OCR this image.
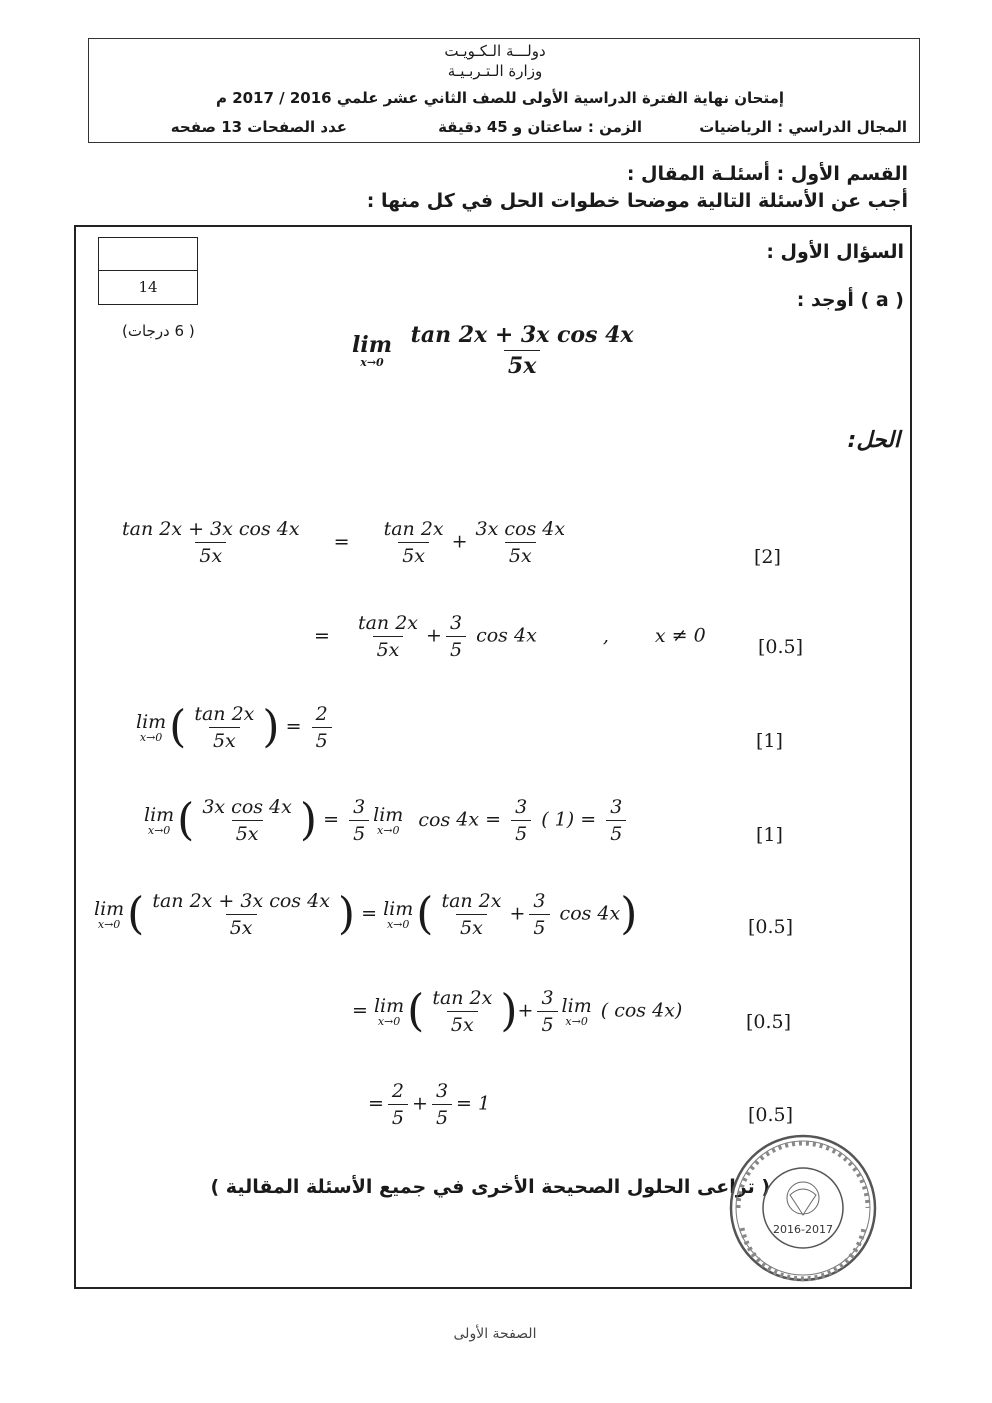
دولـــة الـكـويـت
وزارة الـتـربـيـة
إمتحان نهاية الفترة الدراسية الأولى للصف الثاني عشر علمي 2016 / 2017 م
المجال الدراسي : الرياضيات
الزمن : ساعتان و 45 دقيقة
عدد الصفحات 13 صفحه
القسم الأول : أسئلـة المقال :
أجب عن الأسئلة التالية موضحا خطوات الحل في كل منها :
14
السؤال الأول :
( a ) أوجد :
( 6 درجات)
lim
x→0
$\frac{\text{tan 2x + 3x cos 4x}}{5x}$
الحل:
$\frac{\text{tan 2x + 3x cos 4x}}{5x} = \frac{\tan 2x}{5x} + \frac{\text{3x cos 4x}}{5x}$	[2]
= $\frac{\tan 2x}{5x} + \frac{3}{5}$ cos 4x	, x ≠ 0
[0.5]
lim
x→0 ( $\frac{\tan 2x}{5x}$ ) = $\frac{2}{5}$	[1]
lim
x→0 ( $\frac{\text{3x cos 4x}}{5x}$ ) = $\frac{3}{5}$ lim
x→0 $\cos 4x = \frac{3}{5}$ ( $1) = \frac{3}{5}$	[1]
lim
x→0 ( $\frac{\text{tan 2x + 3x cos 4x}}{5x}$ ) = lim
x→0 ( $\frac{\tan 2x}{5x} + \frac{3}{5}$ cos 4x)	[0.5]
= lim
x→0 ( $\frac{\tan 2x}{5x}$ )+ $\frac{3}{5}$ lim
x→0 ( cos 4x)
[0.5]
= $\frac{2}{5} + \frac{3}{5} = 1$
[0.5]
( تراعى الحلول الصحيحة الأخرى في جميع الأسئلة المقالية )
2016-2017
الصفحة الأولى
